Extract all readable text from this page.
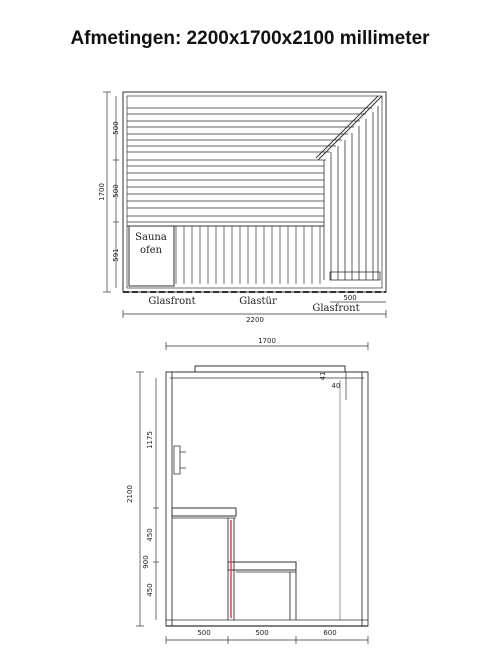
Afmetingen: 2200x1700x2100 millimeter
Sauna
ofen
Glasfront	Glastür
Glasfront
500
2200
1700
500
500
591
1700
41
40
2100
1175
450
900
450
500	500	600
